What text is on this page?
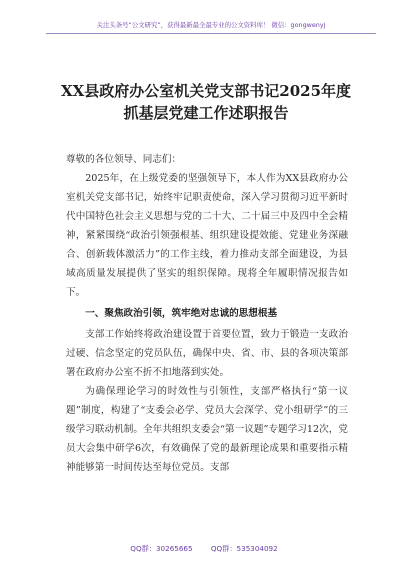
关注头条号“公文研究”，获得最新最全最专业的公文资料库！ 微信：gongwenyj
XX县政府办公室机关党支部书记2025年度抓基层党建工作述职报告

尊敬的各位领导、同志们：

2025年，在上级党委的坚强领导下，本人作为XX县政府办公室机关党支部书记，始终牢记职责使命，深入学习贯彻习近平新时代中国特色社会主义思想与党的二十大、二十届三中及四中全会精神，紧紧围绕“政治引领强根基、组织建设提效能、党建业务深融合、创新载体激活力”的工作主线，着力推动支部全面建设，为县域高质量发展提供了坚实的组织保障。现将全年履职情况报告如下。

一、聚焦政治引领，筑牢绝对忠诚的思想根基

支部工作始终将政治建设置于首要位置，致力于锻造一支政治过硬、信念坚定的党员队伍，确保中央、省、市、县的各项决策部署在政府办公室不折不扣地落到实处。

为确保理论学习的时效性与引领性，支部严格执行“第一议题”制度，构建了“支委会必学、党员大会深学、党小组研学”的三级学习联动机制。全年共组织支委会“第一议题”专题学习12次，党员大会集中研学6次，有效确保了党的最新理论成果和重要指示精神能够第一时间传达至每位党员。支部

QQ群：30265665	QQ群：535304092
